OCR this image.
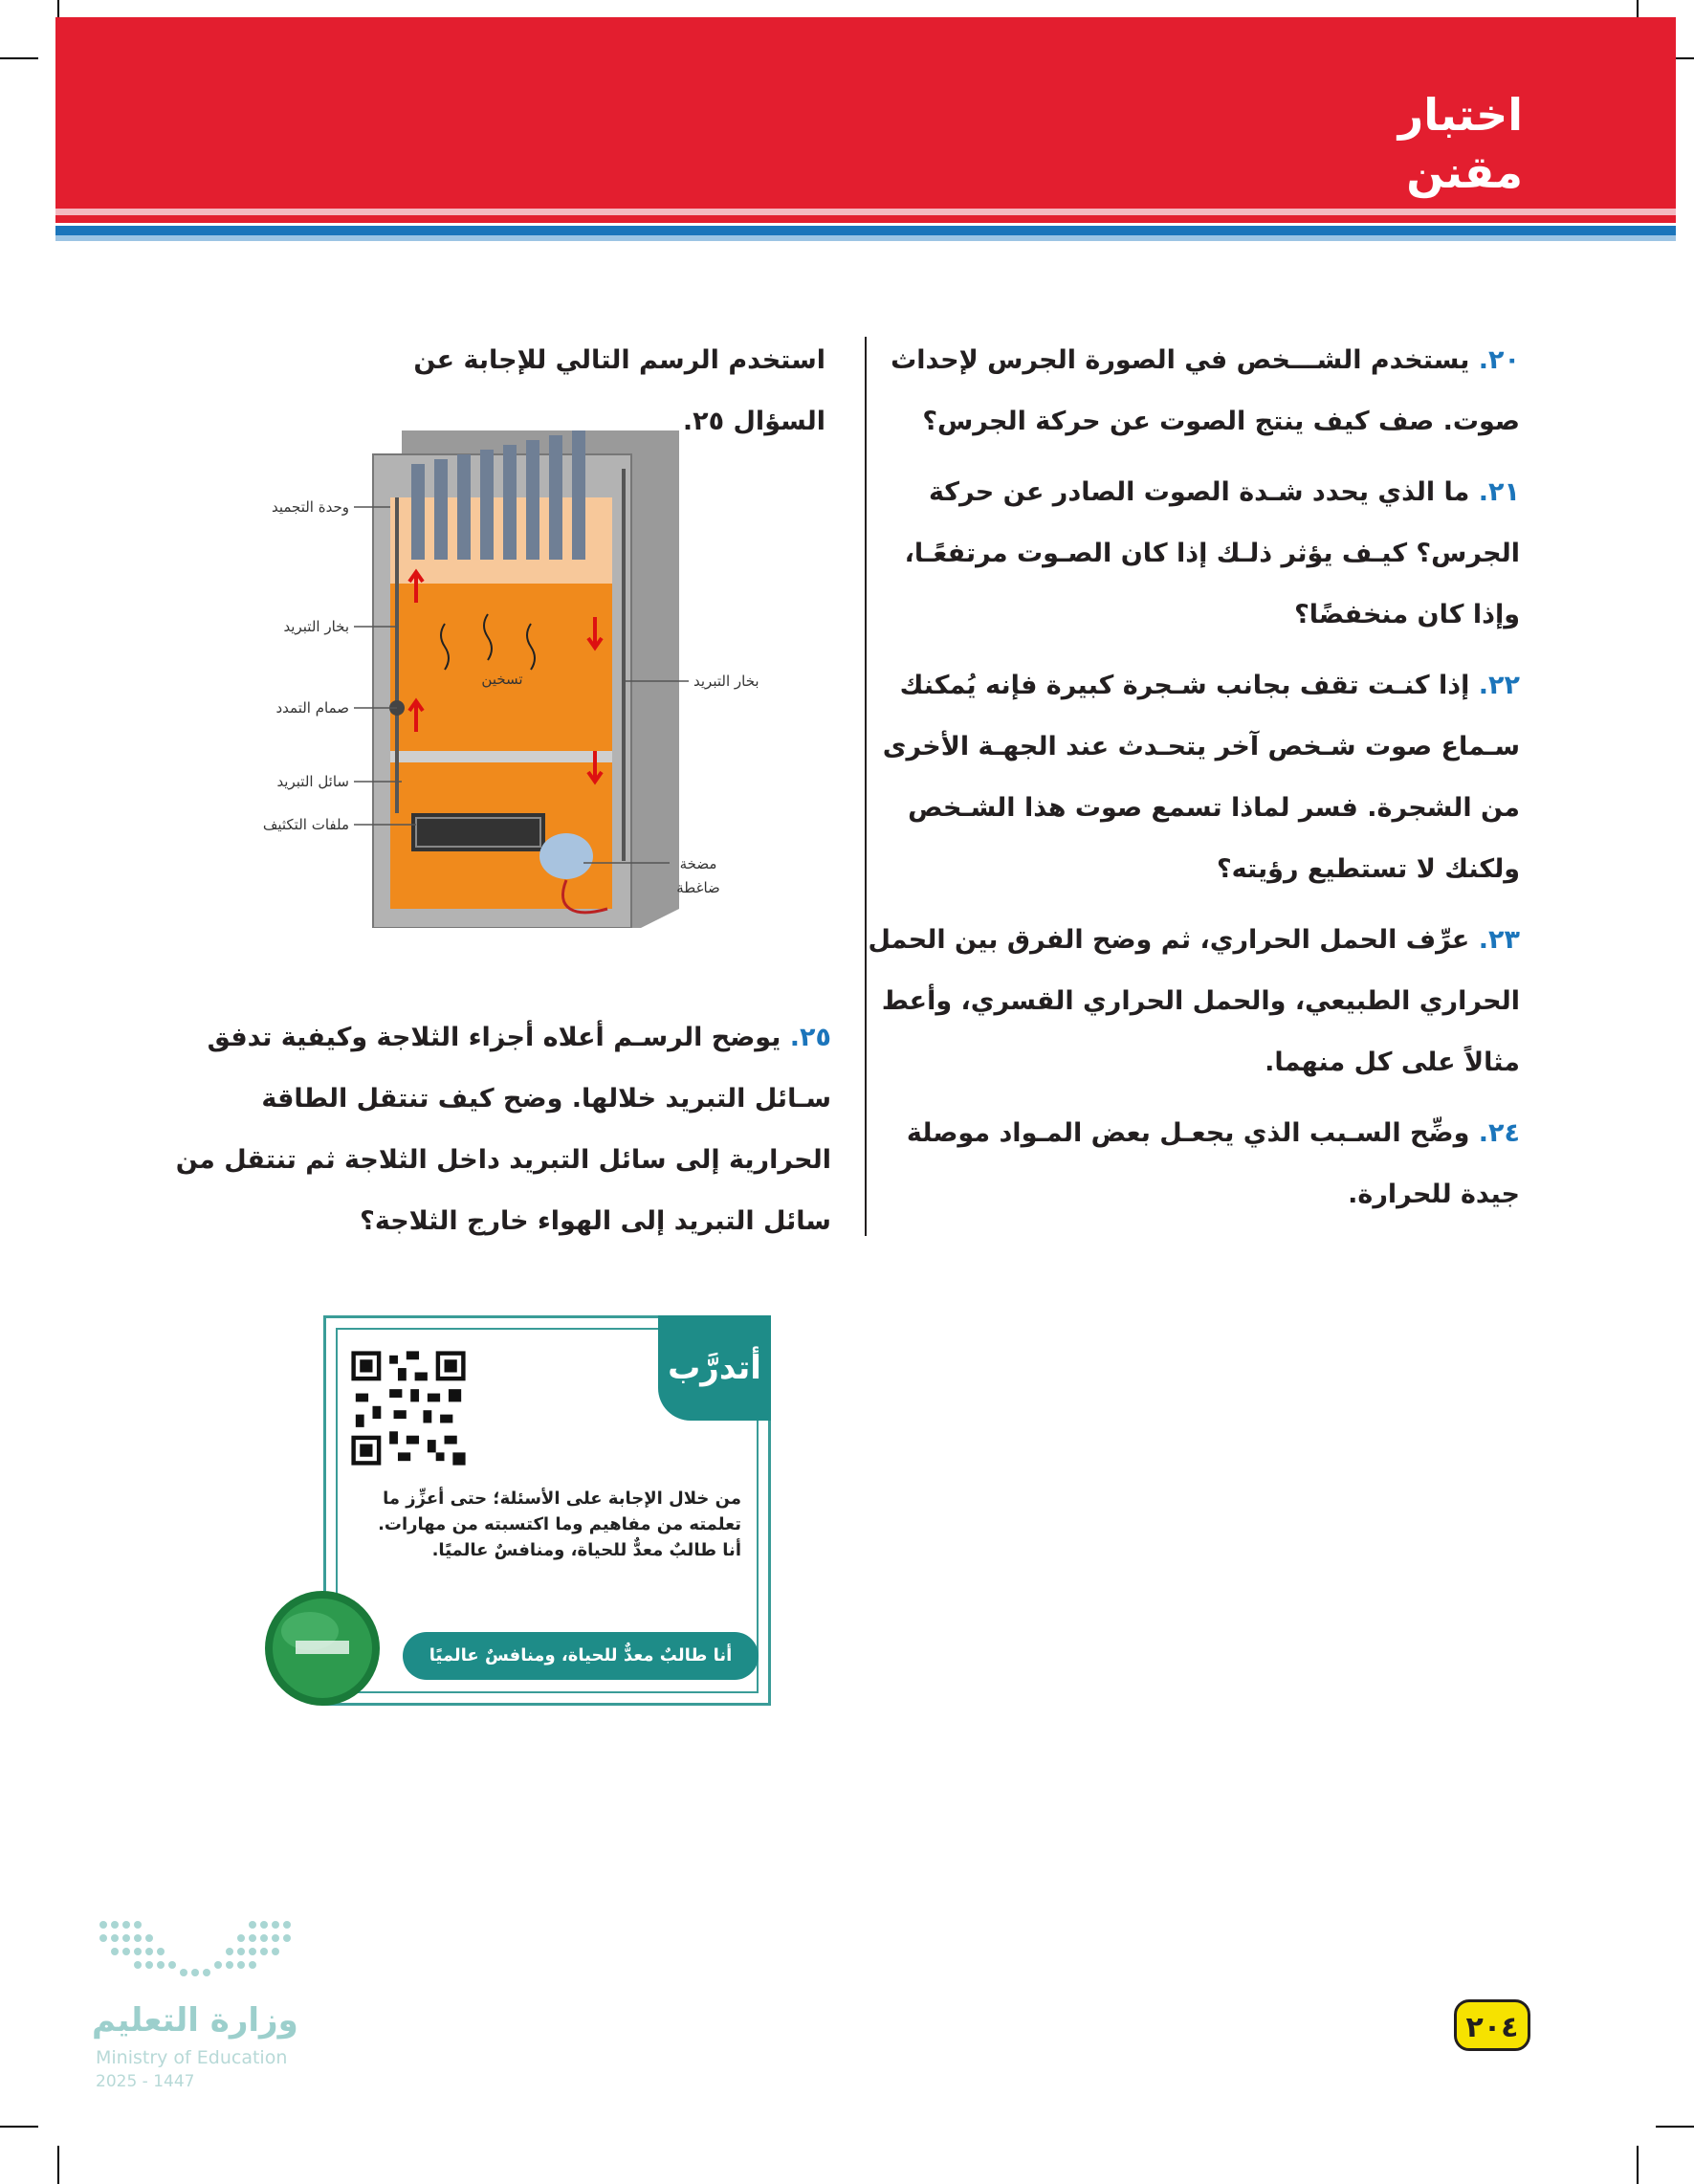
اختبار
مقنن
٢٠. يستخدم الشـــخص في الصورة الجرس لإحداث صوت. صف كيف ينتج الصوت عن حركة الجرس؟
٢١. ما الذي يحدد شـدة الصوت الصادر عن حركة الجرس؟ كيـف يؤثر ذلـك إذا كان الصـوت مرتفعًـا، وإذا كان منخفضًا؟
٢٢. إذا كنـت تقف بجانب شـجرة كبيرة فإنه يُمكنك سـماع صوت شـخص آخر يتحـدث عند الجهـة الأخرى من الشجرة. فسر لماذا تسمع صوت هذا الشـخص ولكنك لا تستطيع رؤيته؟
٢٣. عرِّف الحمل الحراري، ثم وضح الفرق بين الحمل الحراري الطبيعي، والحمل الحراري القسري، وأعط مثالاً على كل منهما.
٢٤. وضِّح السـبب الذي يجعـل بعض المـواد موصلة جيدة للحرارة.
استخدم الرسم التالي للإجابة عن السؤال ٢٥.
وحدة التجميد
بخار التبريد
تسخين
صمام التمدد
سائل التبريد
ملفات التكثيف
بخار التبريد
مضخة
ضاغطة
٢٥. يوضح الرسـم أعلاه أجزاء الثلاجة وكيفية تدفق سـائل التبريد خلالها. وضح كيف تنتقل الطاقة الحرارية إلى سائل التبريد داخل الثلاجة ثم تنتقل من سائل التبريد إلى الهواء خارج الثلاجة؟
أتدرَّب
من خلال الإجابة على الأسئلة؛ حتى أعزِّز ما تعلمته من مفاهيم وما اكتسبته من مهارات. أنا طالبٌ معدٌّ للحياة، ومنافسٌ عالميًا.
أنا طالبٌ معدٌّ للحياة، ومنافسٌ عالميًا
وزارة التعليم
Ministry of Education
2025 - 1447
٢٠٤
